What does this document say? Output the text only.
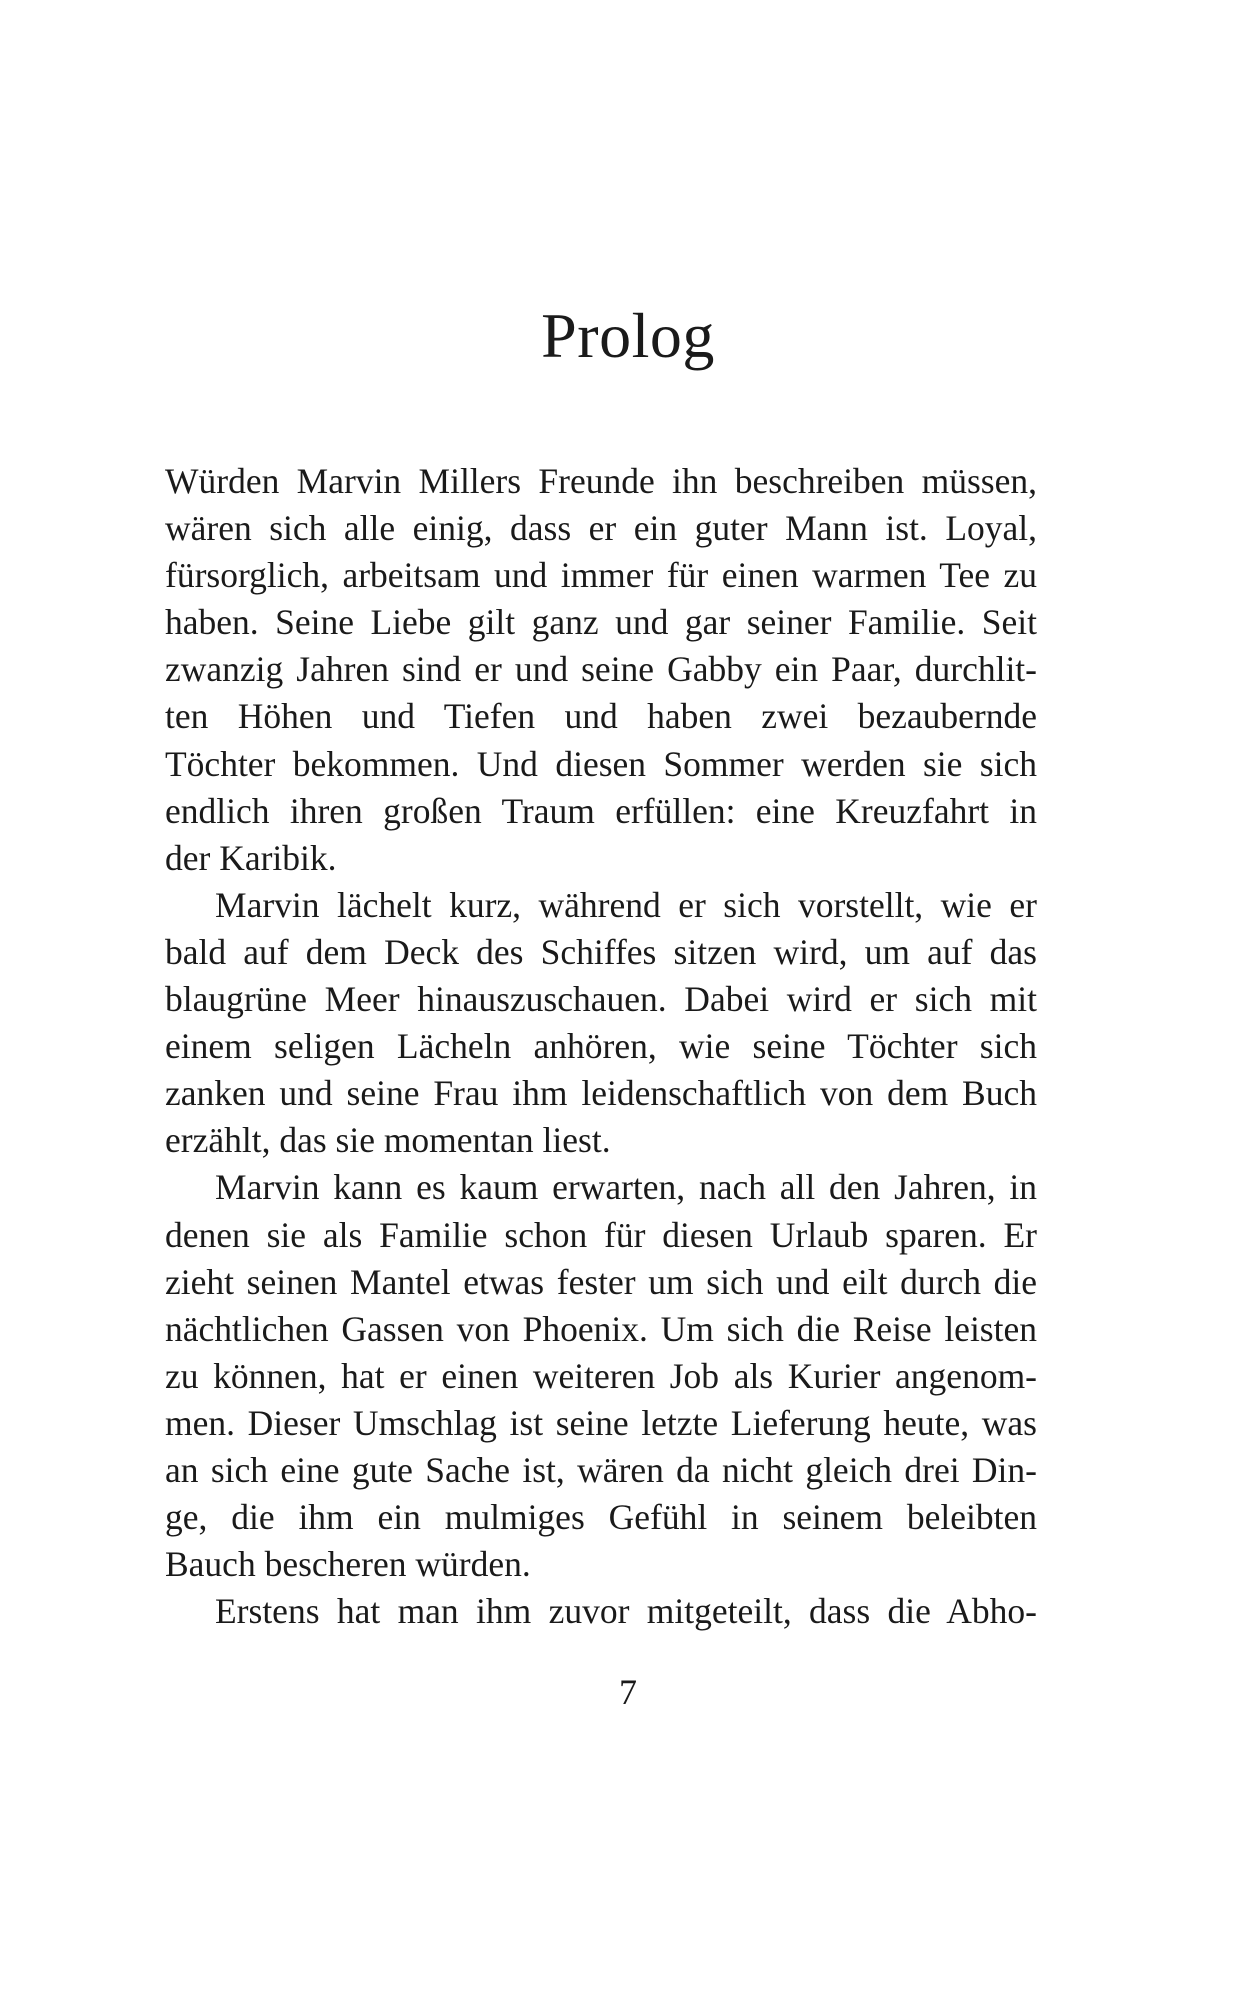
Prolog
Würden Marvin Millers Freunde ihn beschreiben müssen,
wären sich alle einig, dass er ein guter Mann ist. Loyal,
fürsorglich, arbeitsam und immer für einen warmen Tee zu
haben. Seine Liebe gilt ganz und gar seiner Familie. Seit
zwanzig Jahren sind er und seine Gabby ein Paar, durchlit-
ten Höhen und Tiefen und haben zwei bezaubernde
Töchter bekommen. Und diesen Sommer werden sie sich
endlich ihren großen Traum erfüllen: eine Kreuzfahrt in
der Karibik.
Marvin lächelt kurz, während er sich vorstellt, wie er
bald auf dem Deck des Schiffes sitzen wird, um auf das
blaugrüne Meer hinauszuschauen. Dabei wird er sich mit
einem seligen Lächeln anhören, wie seine Töchter sich
zanken und seine Frau ihm leidenschaftlich von dem Buch
erzählt, das sie momentan liest.
Marvin kann es kaum erwarten, nach all den Jahren, in
denen sie als Familie schon für diesen Urlaub sparen. Er
zieht seinen Mantel etwas fester um sich und eilt durch die
nächtlichen Gassen von Phoenix. Um sich die Reise leisten
zu können, hat er einen weiteren Job als Kurier angenom-
men. Dieser Umschlag ist seine letzte Lieferung heute, was
an sich eine gute Sache ist, wären da nicht gleich drei Din-
ge, die ihm ein mulmiges Gefühl in seinem beleibten
Bauch bescheren würden.
Erstens hat man ihm zuvor mitgeteilt, dass die Abho-
7
